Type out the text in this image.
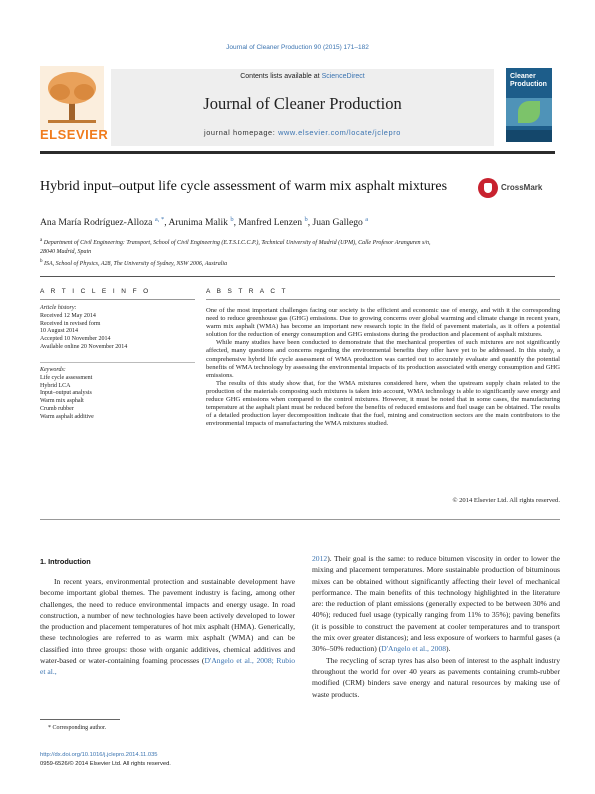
Journal of Cleaner Production 90 (2015) 171–182
ELSEVIER
Contents lists available at ScienceDirect
Journal of Cleaner Production
journal homepage: www.elsevier.com/locate/jclepro
Cleaner Production
Hybrid input–output life cycle assessment of warm mix asphalt mixtures	CrossMark
Ana María Rodríguez-Alloza $^{a, *}$, Arunima Malik $^b$, Manfred Lenzen $^b$, Juan Gallego $^a$
$^a$ Department of Civil Engineering: Transport, School of Civil Engineering (E.T.S.I.C.C.P.), Technical University of Madrid (UPM), Calle Profesor Aranguren s/n,
28040 Madrid, Spain
$^b$ ISA, School of Physics, A28, The University of Sydney, NSW 2006, Australia
A R T I C L E I N F O	A B S T R A C T
Article history:
Received 12 May 2014
Received in revised form
10 August 2014
Accepted 10 November 2014
Available online 20 November 2014
Keywords:
Life cycle assessment
Hybrid LCA
Input–output analysis
Warm mix asphalt
Crumb rubber
Warm asphalt additive

One of the most important challenges facing our society is the efficient and economic use of energy, and with it the corresponding need to reduce greenhouse gas (GHG) emissions. Due to growing concerns over global warming and climate change in recent years, warm mix asphalt (WMA) has become an important new research topic in the field of pavement materials, as it offers a potential solution for the reduction of energy consumption and GHG emissions during the production and placement of asphalt mixtures.

While many studies have been conducted to demonstrate that the mechanical properties of such mixtures are not significantly affected, many questions and concerns regarding the environmental benefits they offer have yet to be addressed. In this study, a comprehensive hybrid life cycle assessment of WMA production was carried out to accurately evaluate and quantify the potential benefits of WMA technology by assessing the environmental impacts of its production associated with energy consumption and GHG emissions.

The results of this study show that, for the WMA mixtures considered here, when the upstream supply chain related to the production of the materials composing such mixtures is taken into account, WMA technology is able to significantly save energy and reduce GHG emissions when compared to the control mixtures. However, it must be noted that in some cases, the manufacturing temperature at the asphalt plant must be reduced before the benefits of reduced emissions and fuel usage can be obtained. The results of a detailed production layer decomposition indicate that the fuel, mining and construction sectors are the main contributors to the environmental impacts of manufacturing the WMA mixtures studied.

© 2014 Elsevier Ltd. All rights reserved.
1. Introduction

In recent years, environmental protection and sustainable development have become important global themes. The pavement industry is facing, among other challenges, the need to reduce environmental impacts and energy usage. In road construction, a number of new technologies have been actively developed to lower the production and placement temperatures of hot mix asphalt (HMA). Generically, these technologies are referred to as warm mix asphalt (WMA) and can be classified into three groups: those with organic additives, chemical additives and water-based or water-containing foaming processes (D'Angelo et al., 2008; Rubio et al.,

2012). Their goal is the same: to reduce bitumen viscosity in order to lower the mixing and placement temperatures. More sustainable production of bituminous mixes can be obtained without significantly affecting their level of mechanical performance. The main benefits of this technology highlighted in the literature are: the reduction of plant emissions (generally expected to be between 30% and 40%); reduced fuel usage (typically ranging from 11% to 35%); paving benefits (it is possible to construct the pavement at cooler temperatures and to transport the mix over greater distances); and less exposure of workers to harmful gases (a 30%–50% reduction) (D'Angelo et al., 2008).

The recycling of scrap tyres has also been of interest to the asphalt industry throughout the world for over 40 years as pavements containing crumb-rubber modified (CRM) binders save energy and natural resources by making use of waste products.

* Corresponding author.
http://dx.doi.org/10.1016/j.jclepro.2014.11.035
0959-6526/© 2014 Elsevier Ltd. All rights reserved.
